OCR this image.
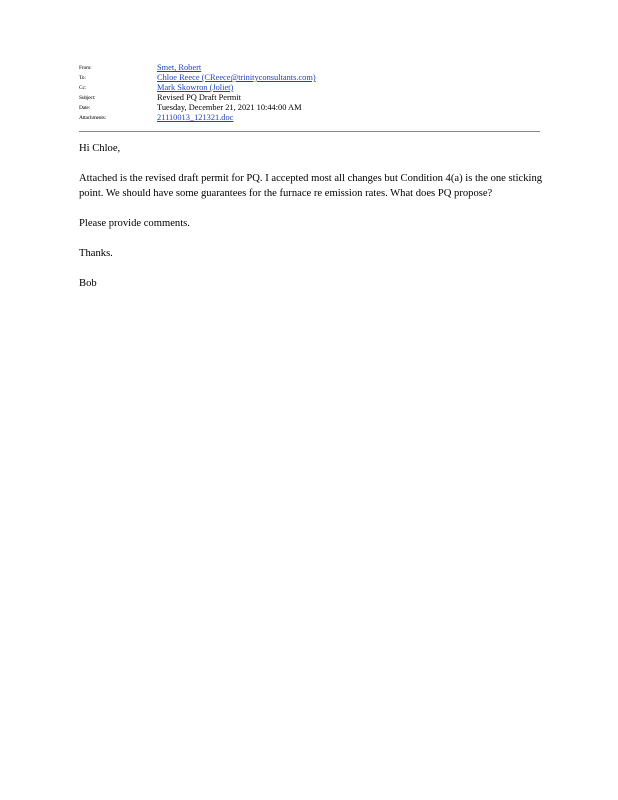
From:	Smet, Robert
To:	Chloe Reece (CReece@trinityconsultants.com)
Cc:	Mark Skowron (Joliet)
Subject:	Revised PQ Draft Permit
Date:	Tuesday, December 21, 2021 10:44:00 AM
Attachments:	21110013_121321.doc

Hi Chloe,

Attached is the revised draft permit for PQ. I accepted most all changes but Condition 4(a) is the one sticking point. We should have some guarantees for the furnace re emission rates. What does PQ propose?

Please provide comments.

Thanks.

Bob
